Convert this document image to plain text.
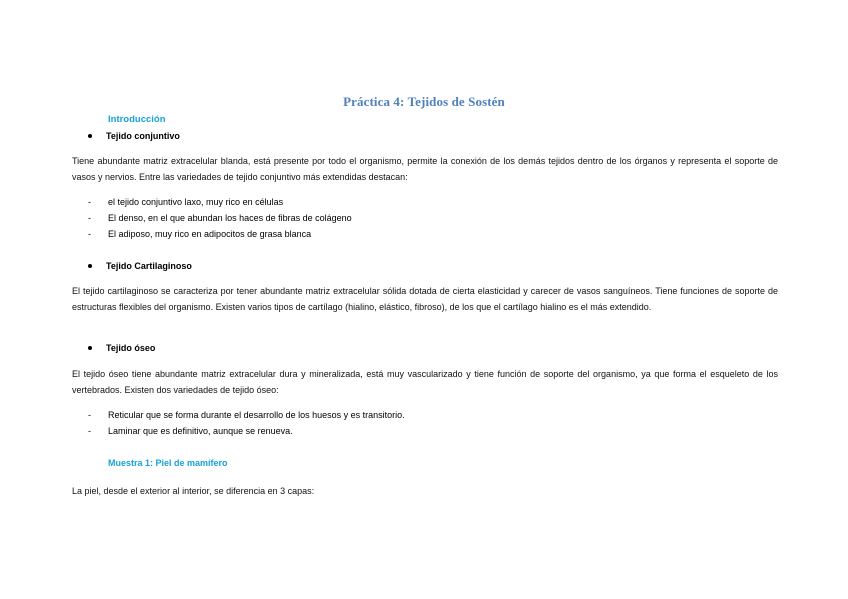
Práctica 4: Tejidos de Sostén
Introducción
Tejido conjuntivo
Tiene abundante matriz extracelular blanda, está presente por todo el organismo, permite la conexión de los demás tejidos dentro de los órganos y representa el soporte de vasos y nervios. Entre las variedades de tejido conjuntivo más extendidas destacan:
-	el tejido conjuntivo laxo, muy rico en células
-	El denso, en el que abundan los haces de fibras de colágeno
-	El adiposo, muy rico en adipocitos de grasa blanca
Tejido Cartilaginoso
El tejido cartilaginoso se caracteriza por tener abundante matriz extracelular sólida dotada de cierta elasticidad y carecer de vasos sanguíneos. Tiene funciones de soporte de estructuras flexibles del organismo. Existen varios tipos de cartílago (hialino, elástico, fibroso), de los que el cartílago hialino es el más extendido.
Tejido óseo
El tejido óseo tiene abundante matriz extracelular dura y mineralizada, está muy vascularizado y tiene función de soporte del organismo, ya que forma el esqueleto de los vertebrados. Existen dos variedades de tejido óseo:
-	Reticular que se forma durante el desarrollo de los huesos y es transitorio.
-	Laminar que es definitivo, aunque se renueva.
Muestra 1: Piel de mamífero
La piel, desde el exterior al interior, se diferencia en 3 capas:
